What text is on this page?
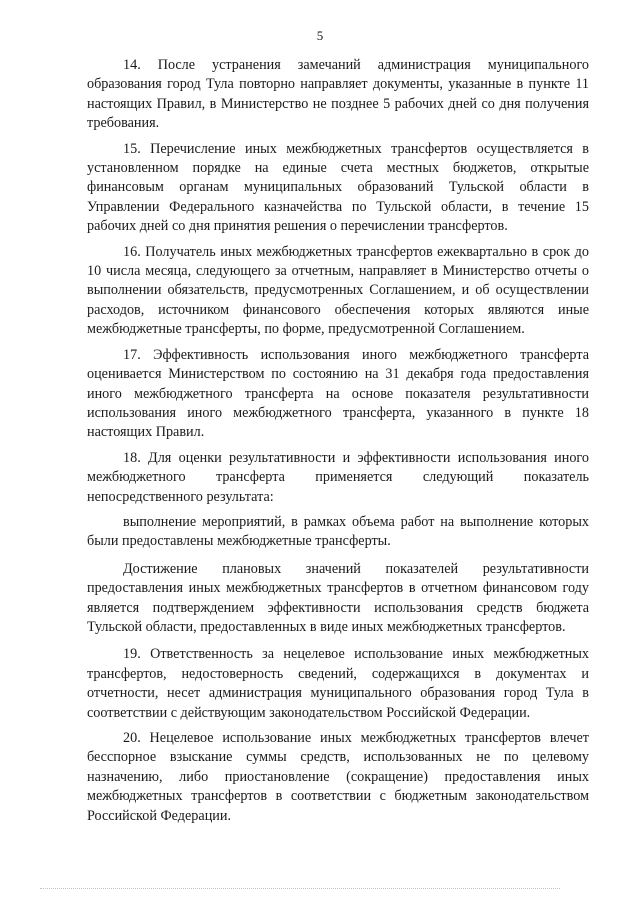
5

14. После устранения замечаний администрация муниципального образования город Тула повторно направляет документы, указанные в пункте 11 настоящих Правил, в Министерство не позднее 5 рабочих дней со дня получения требования.

15. Перечисление иных межбюджетных трансфертов осуществляется в установленном порядке на единые счета местных бюджетов, открытые финансовым органам муниципальных образований Тульской области в Управлении Федерального казначейства по Тульской области, в течение 15 рабочих дней со дня принятия решения о перечислении трансфертов.

16. Получатель иных межбюджетных трансфертов ежеквартально в срок до 10 числа месяца, следующего за отчетным, направляет в Министерство отчеты о выполнении обязательств, предусмотренных Соглашением, и об осуществлении расходов, источником финансового обеспечения которых являются иные межбюджетные трансферты, по форме, предусмотренной Соглашением.

17. Эффективность использования иного межбюджетного трансферта оценивается Министерством по состоянию на 31 декабря года предоставления иного межбюджетного трансферта на основе показателя результативности использования иного межбюджетного трансферта, указанного в пункте 18 настоящих Правил.

18. Для оценки результативности и эффективности использования иного межбюджетного трансферта применяется следующий показатель непосредственного результата:

выполнение мероприятий, в рамках объема работ на выполнение которых были предоставлены межбюджетные трансферты.

Достижение плановых значений показателей результативности предоставления иных межбюджетных трансфертов в отчетном финансовом году является подтверждением эффективности использования средств бюджета Тульской области, предоставленных в виде иных межбюджетных трансфертов.

19. Ответственность за нецелевое использование иных межбюджетных трансфертов, недостоверность сведений, содержащихся в документах и отчетности, несет администрация муниципального образования город Тула в соответствии с действующим законодательством Российской Федерации.

20. Нецелевое использование иных межбюджетных трансфертов влечет бесспорное взыскание суммы средств, использованных не по целевому назначению, либо приостановление (сокращение) предоставления иных межбюджетных трансфертов в соответствии с бюджетным законодательством Российской Федерации.
